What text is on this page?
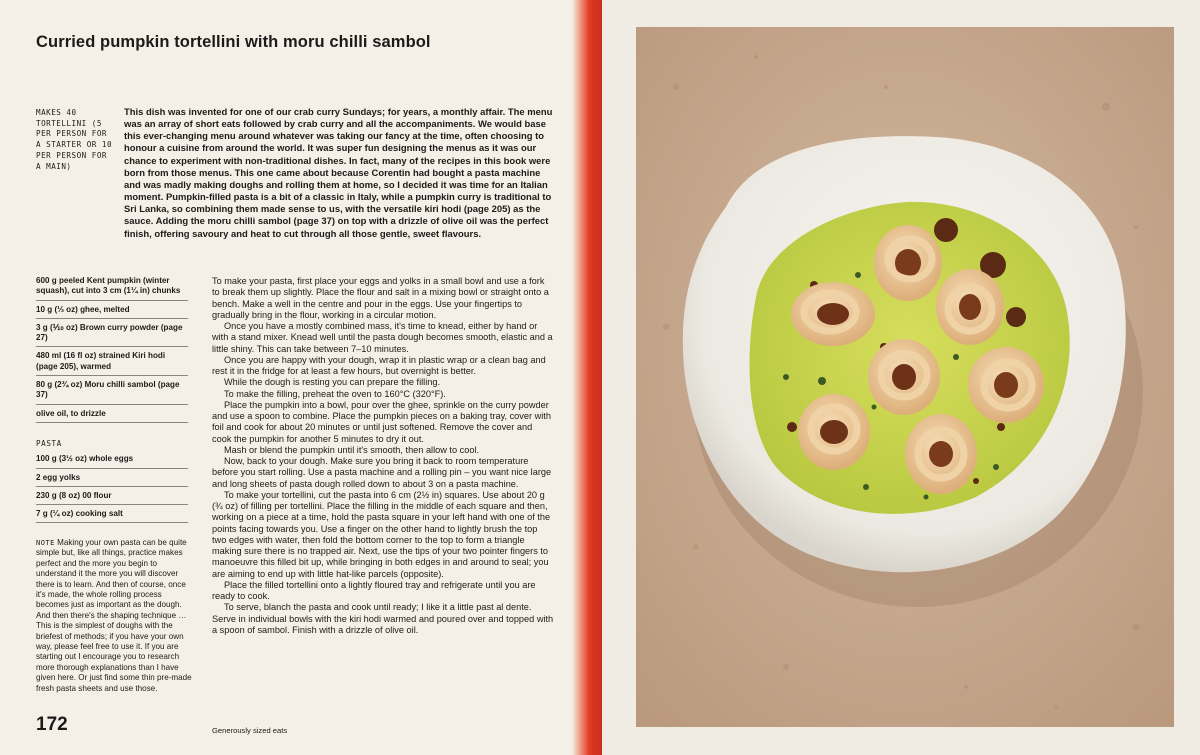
Curried pumpkin tortellini with moru chilli sambol
MAKES 40 TORTELLINI (5 PER PERSON FOR A STARTER OR 10 PER PERSON FOR A MAIN)
This dish was invented for one of our crab curry Sundays; for years, a monthly affair. The menu was an array of short eats followed by crab curry and all the accompaniments. We would base this ever-changing menu around whatever was taking our fancy at the time, often choosing to honour a cuisine from around the world. It was super fun designing the menus as it was our chance to experiment with non-traditional dishes. In fact, many of the recipes in this book were born from those menus. This one came about because Corentin had bought a pasta machine and was madly making doughs and rolling them at home, so I decided it was time for an Italian moment. Pumpkin-filled pasta is a bit of a classic in Italy, while a pumpkin curry is traditional to Sri Lanka, so combining them made sense to us, with the versatile kiri hodi (page 205) as the sauce. Adding the moru chilli sambol (page 37) on top with a drizzle of olive oil was the perfect finish, offering savoury and heat to cut through all those gentle, sweet flavours.
600 g peeled Kent pumpkin (winter squash), cut into 3 cm (1¼ in) chunks
10 g (⅓ oz) ghee, melted
3 g (⅒ oz) Brown curry powder (page 27)
480 ml (16 fl oz) strained Kiri hodi (page 205), warmed
80 g (2¾ oz) Moru chilli sambol (page 37)
olive oil, to drizzle
PASTA
100 g (3½ oz) whole eggs
2 egg yolks
230 g (8 oz) 00 flour
7 g (¼ oz) cooking salt
NOTE Making your own pasta can be quite simple but, like all things, practice makes perfect and the more you begin to understand it the more you will discover there is to learn. And then of course, once it's made, the whole rolling process becomes just as important as the dough. And then there's the shaping technique … This is the simplest of doughs with the briefest of methods; if you have your own way, please feel free to use it. If you are starting out I encourage you to research more thorough explanations than I have given here. Or just find some thin pre-made fresh pasta sheets and use those.

To make your pasta, first place your eggs and yolks in a small bowl and use a fork to break them up slightly. Place the flour and salt in a mixing bowl or straight onto a bench. Make a well in the centre and pour in the eggs. Use your fingertips to gradually bring in the flour, working in a circular motion.

Once you have a mostly combined mass, it's time to knead, either by hand or with a stand mixer. Knead well until the pasta dough becomes smooth, elastic and a little shiny. This can take between 7–10 minutes.

Once you are happy with your dough, wrap it in plastic wrap or a clean bag and rest it in the fridge for at least a few hours, but overnight is better.

While the dough is resting you can prepare the filling.

To make the filling, preheat the oven to 160°C (320°F).

Place the pumpkin into a bowl, pour over the ghee, sprinkle on the curry powder and use a spoon to combine. Place the pumpkin pieces on a baking tray, cover with foil and cook for about 20 minutes or until just softened. Remove the cover and cook the pumpkin for another 5 minutes to dry it out.

Mash or blend the pumpkin until it's smooth, then allow to cool.

Now, back to your dough. Make sure you bring it back to room temperature before you start rolling. Use a pasta machine and a rolling pin – you want nice large and long sheets of pasta dough rolled down to about 3 on a pasta machine.

To make your tortellini, cut the pasta into 6 cm (2½ in) squares. Use about 20 g (¾ oz) of filling per tortellini. Place the filling in the middle of each square and then, working on a piece at a time, hold the pasta square in your left hand with one of the points facing towards you. Use a finger on the other hand to lightly brush the top two edges with water, then fold the bottom corner to the top to form a triangle making sure there is no trapped air. Next, use the tips of your two pointer fingers to manoeuvre this filled bit up, while bringing in both edges in and around to seal; you are aiming to end up with little hat-like parcels (opposite).

Place the filled tortellini onto a lightly floured tray and refrigerate until you are ready to cook.

To serve, blanch the pasta and cook until ready; I like it a little past al dente. Serve in individual bowls with the kiri hodi warmed and poured over and topped with a spoon of sambol. Finish with a drizzle of olive oil.

172	Generously sized eats
